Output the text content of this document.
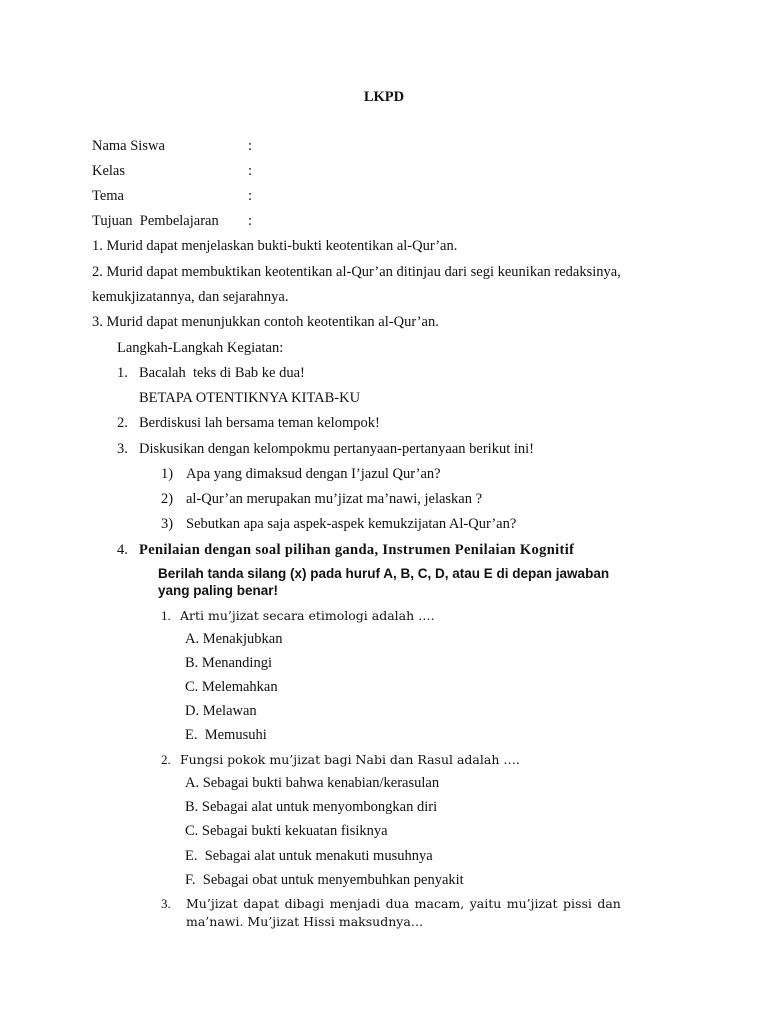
LKPD
Nama Siswa	:
Kelas	:
Tema	:
Tujuan  Pembelajaran :
1. Murid dapat menjelaskan bukti-bukti keotentikan al-Qur’an.
2. Murid dapat membuktikan keotentikan al-Qur’an ditinjau dari segi keunikan redaksinya,
kemukjizatannya, dan sejarahnya.
3. Murid dapat menunjukkan contoh keotentikan al-Qur’an.
Langkah-Langkah Kegiatan:
1. Bacalah  teks di Bab ke dua!
BETAPA OTENTIKNYA KITAB-KU
2. Berdiskusi lah bersama teman kelompok!
3. Diskusikan dengan kelompokmu pertanyaan-pertanyaan berikut ini!
1) Apa yang dimaksud dengan I’jazul Qur’an?
2) al-Qur’an merupakan mu’jizat ma’nawi, jelaskan ?
3) Sebutkan apa saja aspek-aspek kemukzijatan Al-Qur’an?
4. Penilaian dengan soal pilihan ganda, Instrumen Penilaian Kognitif
Berilah tanda silang (x) pada huruf A, B, C, D, atau E di depan jawaban
yang paling benar!
1. Arti mu’jizat secara etimologi adalah ….
A. Menakjubkan
B. Menandingi
C. Melemahkan
D. Melawan
E.  Memusuhi
2. Fungsi pokok mu’jizat bagi Nabi dan Rasul adalah ….
A. Sebagai bukti bahwa kenabian/kerasulan
B. Sebagai alat untuk menyombongkan diri
C. Sebagai bukti kekuatan fisiknya
E.  Sebagai alat untuk menakuti musuhnya
F.  Sebagai obat untuk menyembuhkan penyakit
3. Mu’jizat dapat dibagi menjadi dua macam, yaitu mu’jizat pissi dan
ma’nawi. Mu’jizat Hissi maksudnya…
